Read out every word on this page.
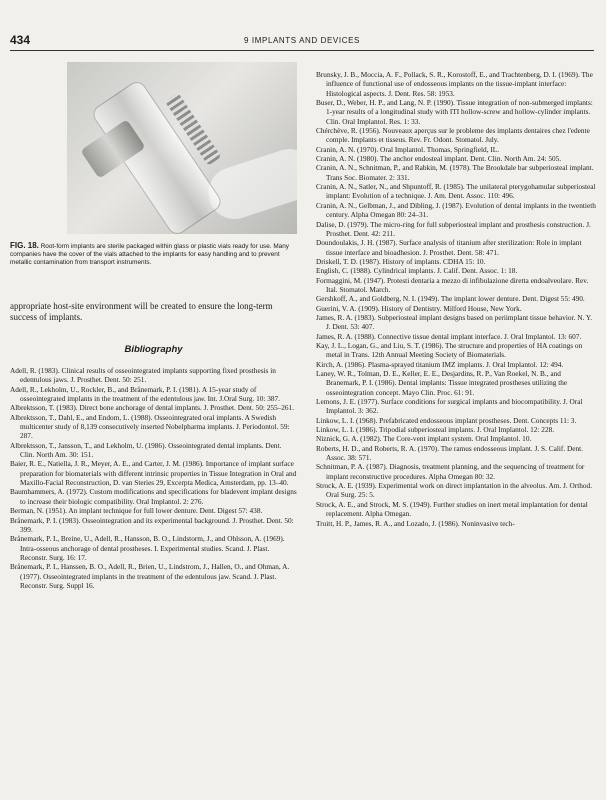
434	9 IMPLANTS AND DEVICES
FIG. 18. Root-form implants are sterile packaged within glass or plastic vials ready for use. Many companies have the cover of the vials attached to the implants for easy handling and to prevent metallic contamination from transport instruments.
appropriate host-site environment will be created to ensure the long-term success of implants.
Bibliography
Adell, R. (1983). Clinical results of osseointegrated implants supporting fixed prosthesis in edentulous jaws. J. Prosthet. Dent. 50: 251.
Adell, R., Lekholm, U., Rockler, B., and Brånemark, P. I. (1981). A 15-year study of osseointegrated implants in the treatment of the edentulous jaw. Int. J.Oral Surg. 10: 387.
Albrektsson, T. (1983). Direct bone anchorage of dental implants. J. Prosthet. Dent. 50: 255–261.
Albrektsson, T., Dahl, E., and Endom, L. (1988). Osseointegrated oral implants. A Swedish multicenter study of 8,139 consecutively inserted Nobelpharma implants. J. Periodontol. 59: 287.
Albrektsson, T., Jansson, T., and Lekholm, U. (1986). Osseointegrated dental implants. Dent. Clin. North Am. 30: 151.
Baier, R. E., Natiella, J. R., Meyer, A. E., and Carter, J. M. (1986). Importance of implant surface preparation for biomaterials with different intrinsic properties in Tissue Integration in Oral and Maxillo-Facial Reconstruction, D. van Steries 29, Excerpta Medica, Amsterdam, pp. 13–40.
Baumhammers, A. (1972). Custom modifications and specifications for bladevent implant designs to increase their biologic compatibility. Oral Implantol. 2: 276.
Berman, N. (1951). An implant technique for full lower denture. Dent. Digest 57: 438.
Brånemark, P. I. (1983). Osseointegration and its experimental background. J. Prosthet. Dent. 50: 399.
Brånemark, P. I., Breine, U., Adell, R., Hansson, B. O., Lindstorm, J., and Ohlsson, A. (1969). Intra-osseous anchorage of dental prostheses. I. Experimental studies. Scand. J. Plast. Reconstr. Surg. 16: 17.
Brånemark, P. I., Hanssen, B. O., Adell, R., Brien, U., Lindstrom, J., Hallen, O., and Ohman, A. (1977). Osseointegrated implants in the treatment of the edentulous jaw. Scand. J. Plast. Reconstr. Surg. Suppl 16.
Brunsky, J. B., Moccia, A. F., Pollack, S. R., Korostoff, E., and Trachtenberg, D. I. (1969). The influence of functional use of endosseous implants on the tissue-implant interface: Histological aspects. J. Dent. Res. 58: 1953.
Buser, D., Weber, H. P., and Lang, N. P. (1990). Tissue integration of non-submerged implants: 1-year results of a longitudinal study with ITI hollow-screw and hollow-cylinder implants. Clin. Oral Implantol. Res. 1: 33.
Chérchève, R. (1956). Nouveaux aperçus sur le probleme des implants dentaires chez l'edente comple. Implants et tisseus. Rev. Fr. Odont. Stomatol. July.
Cranin, A. N. (1970). Oral Implantol. Thomas, Springfield, IL.
Cranin, A. N. (1980). The anchor endosteal implant. Dent. Clin. North Am. 24: 505.
Cranin, A. N., Schnitman, P., and Rabkin, M. (1978). The Brookdale bar subperiosteal implant. Trans Soc. Biomater. 2: 331.
Cranin, A. N., Satler, N., and Shpuntoff, R. (1985). The unilateral pterygohamular subperiosteal implant: Evolution of a technique. J. Am. Dent. Assoc. 110: 496.
Cranin, A. N., Gelbman, J., and Dibling, J. (1987). Evolution of dental implants in the twentieth century. Alpha Omegan 80: 24–31.
Dalise, D. (1979). The micro-ring for full subperiosteal implant and prosthesis construction. J. Prosthet. Dent. 42: 211.
Doundoulakis, J. H. (1987). Surface analysis of titanium after sterilization: Role in implant tissue interface and bioadhesion. J. Prosthet. Dent. 58: 471.
Driskell, T. D. (1987). History of implants. CDHA 15: 10.
English, C. (1988). Cylindrical implants. J. Calif. Dent. Assoc. 1: 18.
Formaggini, M. (1947). Protesti dentaria a mezzo di infibulazione diretta endoalveolare. Rev. Ital. Stomatol. March.
Gershkoff, A., and Goldberg, N. I. (1949). The implant lower denture. Dent. Digest 55: 490.
Guerini, V. A. (1909). History of Dentistry. Milford House, New York.
James, R. A. (1983). Subperiosteal implant designs based on periimplant tissue behavior. N. Y. J. Dent. 53: 407.
James, R. A. (1988). Connective tissue dental implant interface. J. Oral Implantol. 13: 607.
Kay, J. L., Logan, G., and Liu, S. T. (1986). The structure and properties of HA coatings on metal in Trans. 12th Annual Meeting Society of Biomaterials.
Kirch, A. (1986). Plasma-sprayed titanium IMZ implants. J. Oral Implantol. 12: 494.
Laney, W. R., Tolman, D. E., Keller, E. E., Desjardins, R. P., Van Roekel, N. B., and Branemark, P. I. (1986). Dental implants: Tissue integrated prostheses utilizing the osseointegration concept. Mayo Clin. Proc. 61: 91.
Lemons, J. E. (1977). Surface conditions for surgical implants and biocompatibility. J. Oral Implantol. 3: 362.
Linkow, L. I. (1968). Prefabricated endosseous implant prostheses. Dent. Concepts 11: 3.
Linkow, L. I. (1986). Tripodial subperiosteal implants. J. Oral Implantol. 12: 228.
Niznick, G. A. (1982). The Core-vent implant system. Oral Implantol. 10.
Roberts, H. D., and Roberts, R. A. (1970). The ramus endosseous implant. J. S. Calif. Dent. Assoc. 38: 571.
Schnitman, P. A. (1987). Diagnosis, treatment planning, and the sequencing of treatment for implant reconstructive procedures. Alpha Omegan 80: 32.
Strock, A. E. (1939). Experimental work on direct implantation in the alveolus. Am. J. Orthod. Oral Surg. 25: 5.
Strock, A. E., and Strock, M. S. (1949). Further studies on inert metal implantation for dental replacement. Alpha Omegan.
Truitt, H. P., James, R. A., and Lozado, J. (1986). Noninvasive tech-
